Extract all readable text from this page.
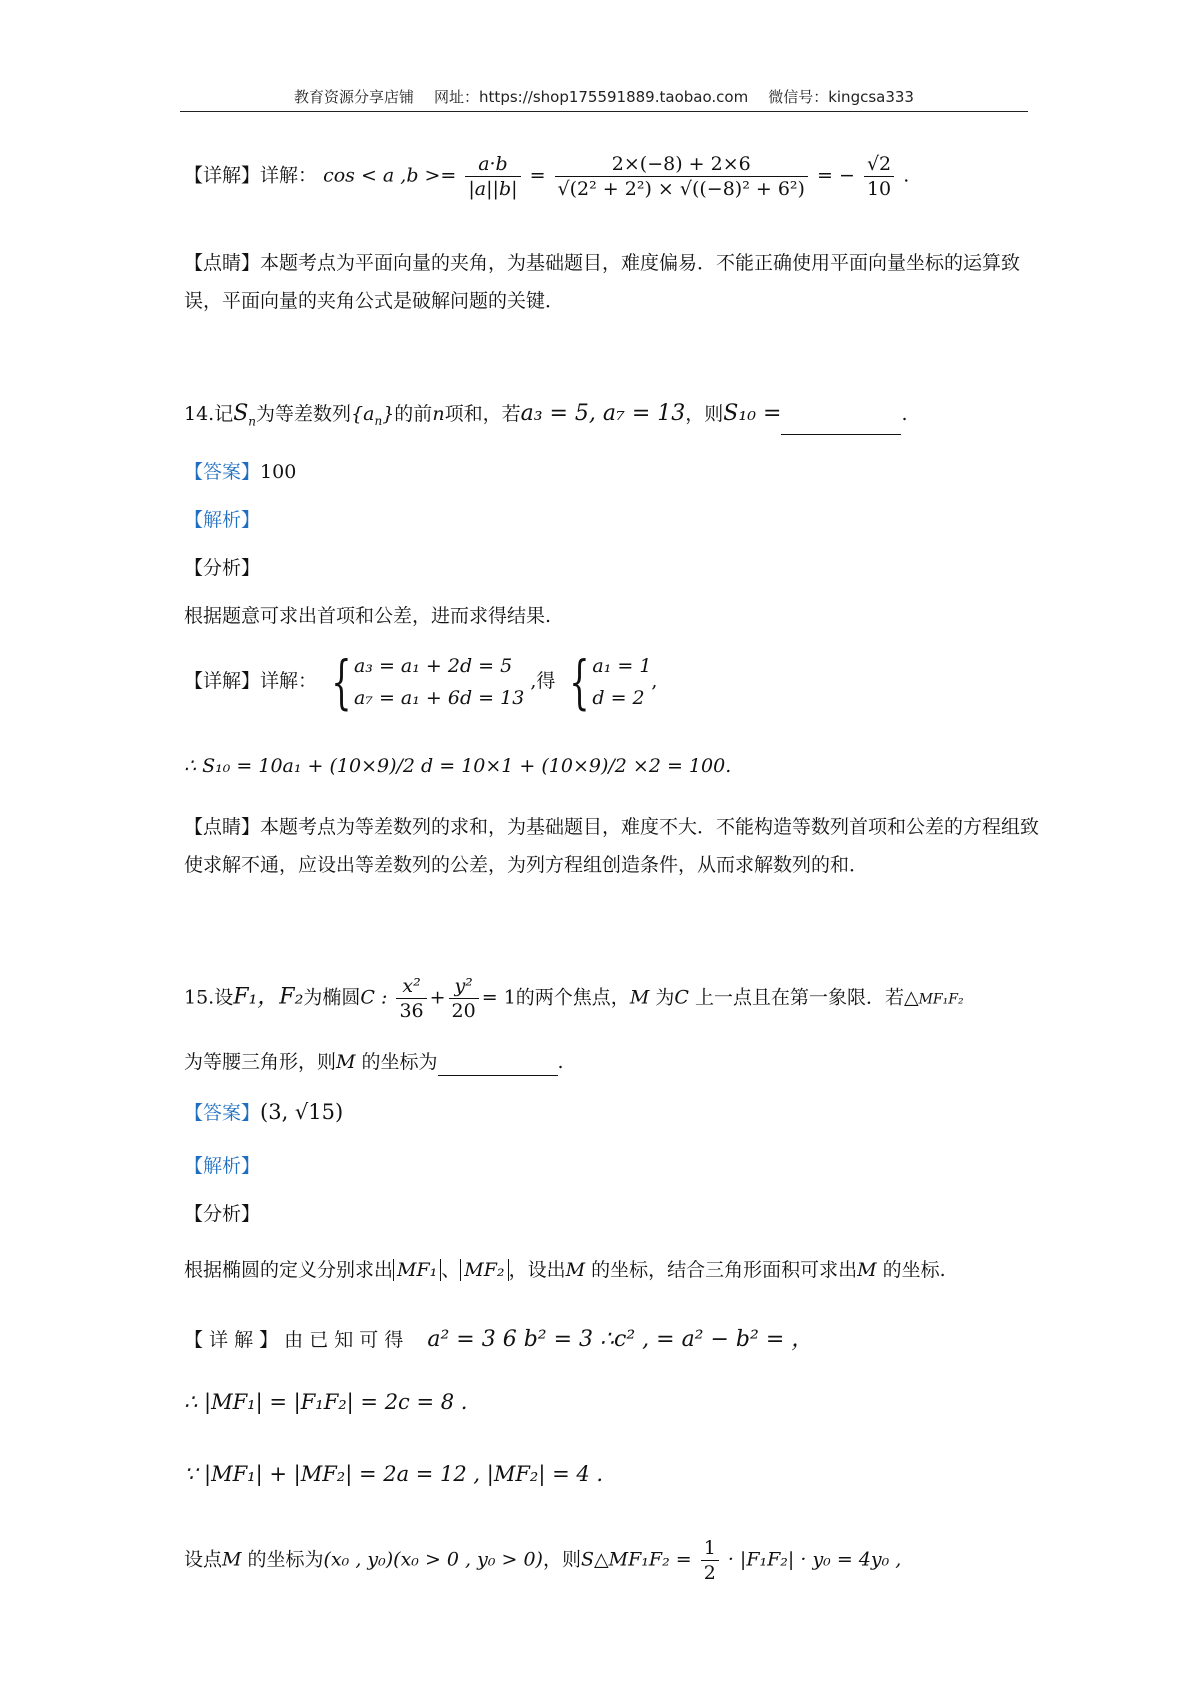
教育资源分享店铺 网址：https://shop175591889.taobao.com 微信号：kingcsa333
【详解】详解： cos < a $,b >= \frac{a\cdot b}{|a||b|} = \frac{2\times(-8) + 2\times 6}{\text{√(2² + 2²) × √((−8)² + 6²)}}$ = − $\frac{√2}{10}$ .
【点睛】本题考点为平面向量的夹角，为基础题目，难度偏易．不能正确使用平面向量坐标的运算致误，平面向量的夹角公式是破解问题的关键．
14.记$S_n$为等差数列$\{a_n\}$的前n项和，若a₃ = 5, a₇ = 13，则S₁₀ =	.
【答案】100
【解析】
【分析】
根据题意可求出首项和公差，进而求得结果.
【详解】详解： { a₃ = a₁ + 2d = 5
a₇ = a₁ + 6d = 13
,得 { a₁ = 1
d = 2
,
∴ S₁₀ = 10a₁ + (10×9)/2 d = 10×1 + (10×9)/2 ×2 = 100.
【点睛】本题考点为等差数列的求和，为基础题目，难度不大．不能构造等数列首项和公差的方程组致使求解不通，应设出等差数列的公差，为列方程组创造条件，从而求解数列的和．
15.设F₁，F₂为椭圆C : $\frac{\text{x²}}{36} + \frac{\text{y²}}{20} = 1$的两个焦点，M 为C 上一点且在第一象限．若△MF₁F₂
为等腰三角形，则M 的坐标为	.
【答案】(3, √15)
【解析】
【分析】
根据椭圆的定义分别求出 MF₁ 、 MF₂ ，设出M 的坐标，结合三角形面积可求出M 的坐标.
【 详 解 】 由 已 知 可 得 a² = 3 6 b² = 3 ∴c² , = a² − b² = ，
∴ |MF₁| = |F₁F₂| = 2c = 8 .
∵ |MF₁| + |MF₂| = 2a = 12 , |MF₂| = 4 .
设点M 的坐标为(x₀ , y₀)(x₀ > 0 , y₀ > 0)，则S△MF₁F₂ = $\frac{1}{2} \cdot |F_1F_2| \cdot y_0 = 4y_0$ ,
